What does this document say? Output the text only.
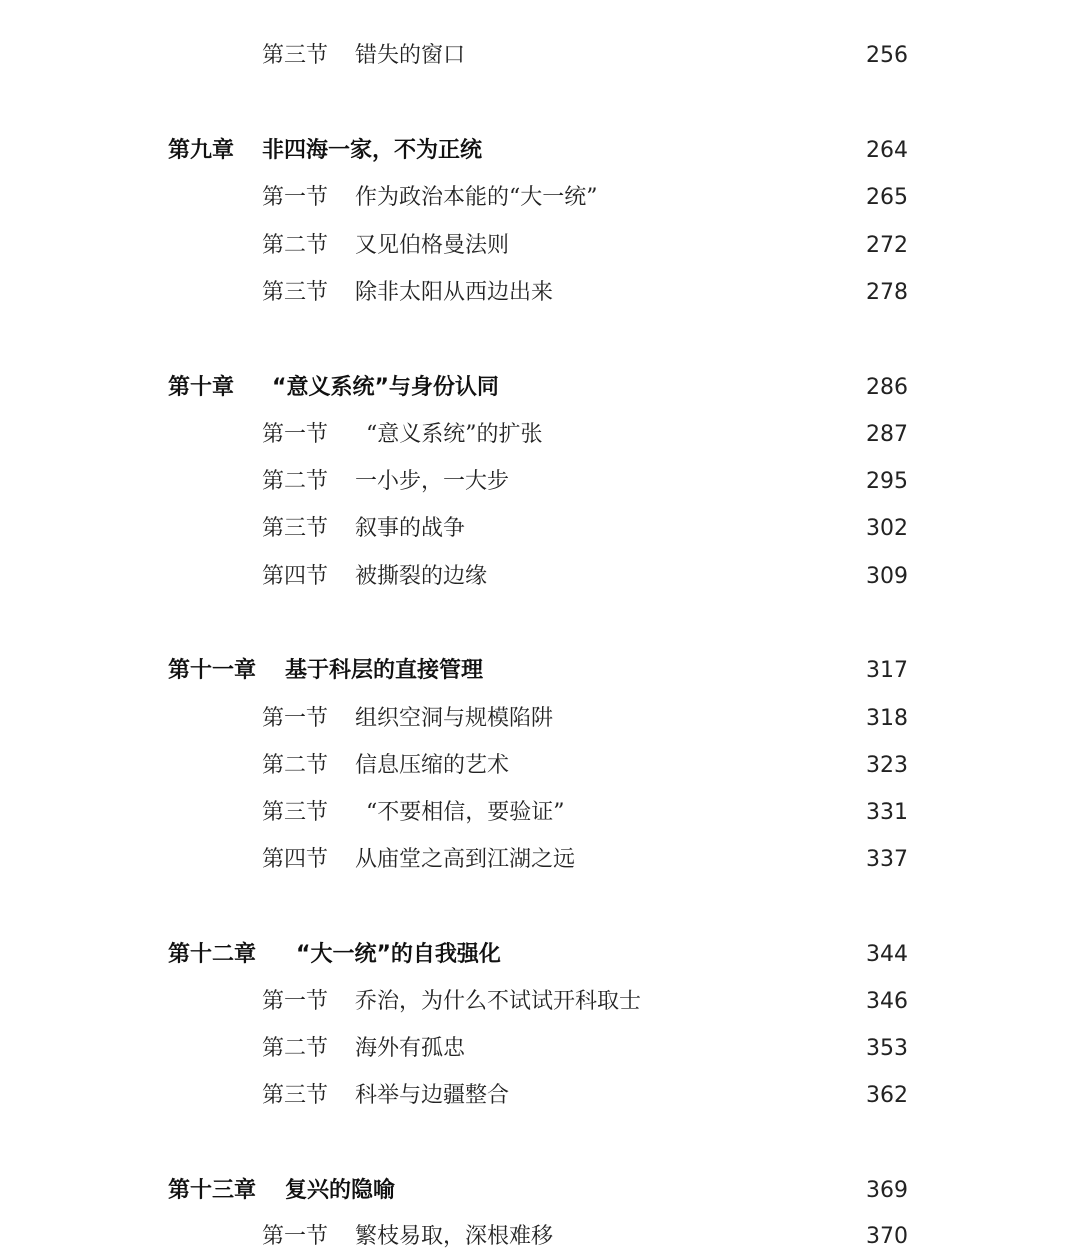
第三节 错失的窗口	256
第九章 非四海一家，不为正统	264
第一节 作为政治本能的“大一统”	265
第二节 又见伯格曼法则	272
第三节 除非太阳从西边出来	278
第十章 “意义系统”与身份认同	286
第一节 “意义系统”的扩张	287
第二节 一小步，一大步	295
第三节 叙事的战争	302
第四节 被撕裂的边缘	309
第十一章 基于科层的直接管理	317
第一节 组织空洞与规模陷阱	318
第二节 信息压缩的艺术	323
第三节 “不要相信，要验证”	331
第四节 从庙堂之高到江湖之远	337
第十二章 “大一统”的自我强化	344
第一节 乔治，为什么不试试开科取士	346
第二节 海外有孤忠	353
第三节 科举与边疆整合	362
第十三章 复兴的隐喻	369
第一节 繁枝易取，深根难移	370
